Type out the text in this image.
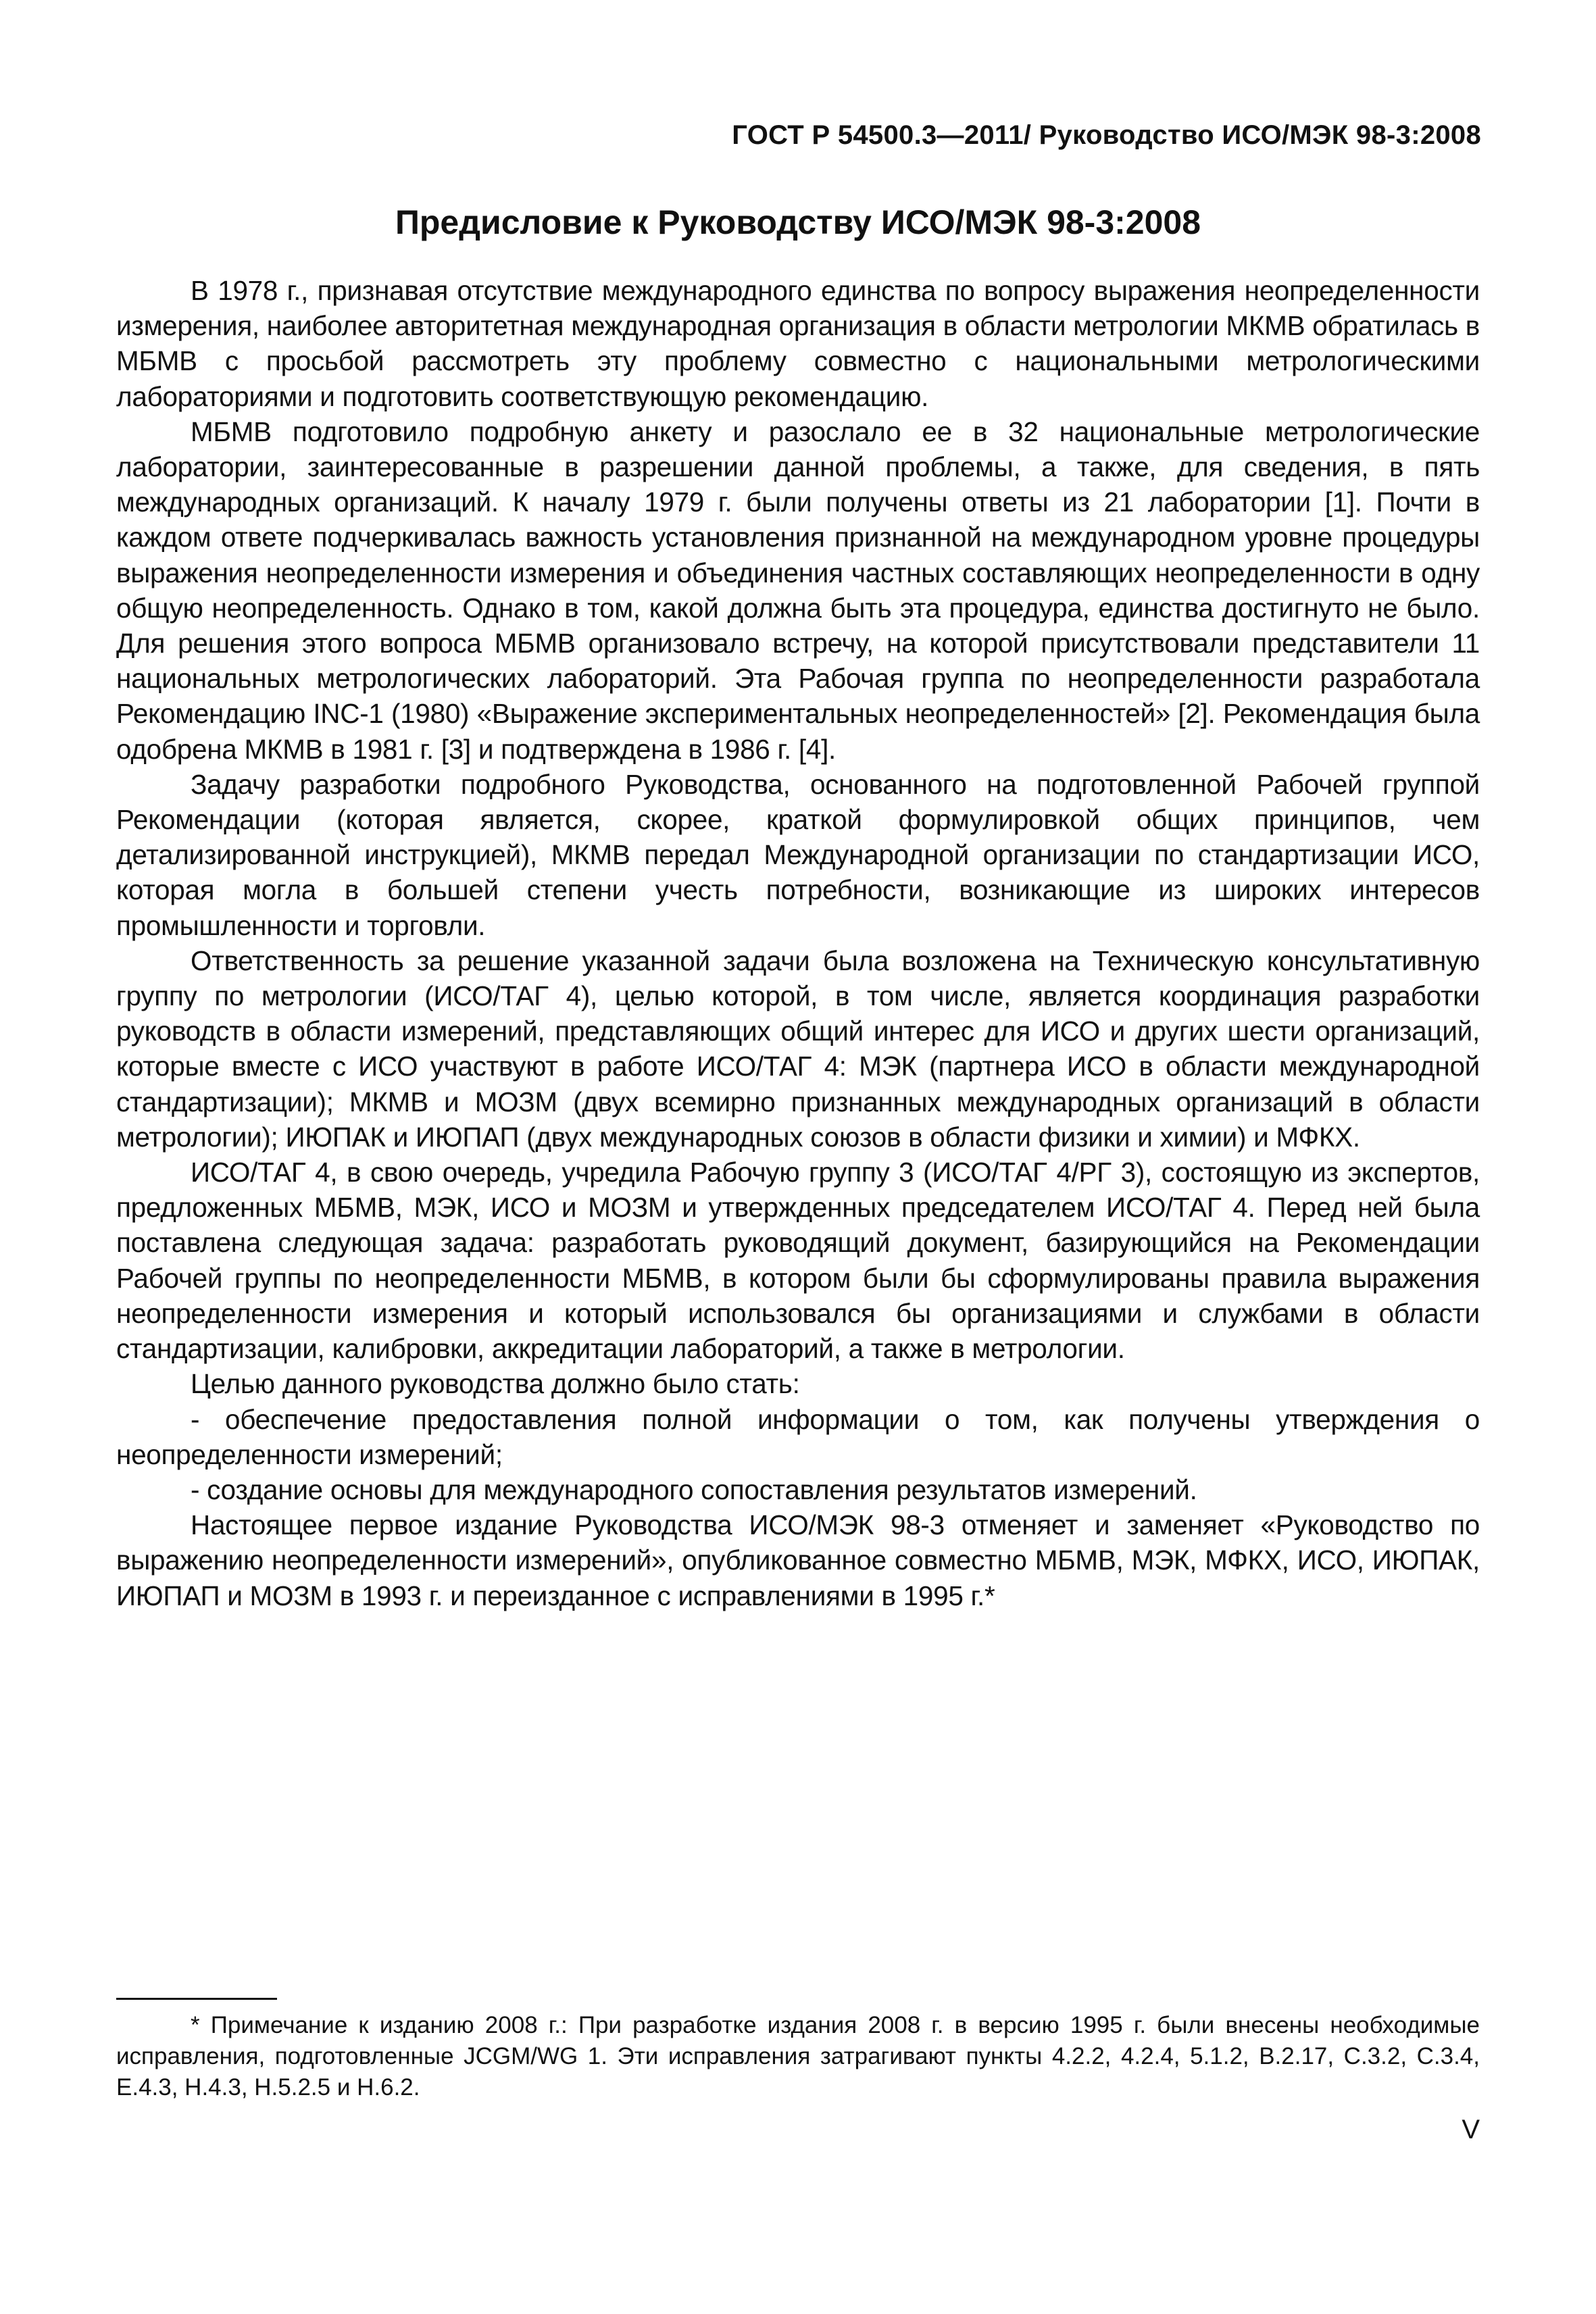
ГОСТ Р 54500.3—2011/ Руководство ИСО/МЭК 98-3:2008
Предисловие к Руководству ИСО/МЭК 98-3:2008

В 1978 г., признавая отсутствие международного единства по вопросу выражения неопределенности измерения, наиболее авторитетная международная организация в области метрологии МКМВ обратилась в МБМВ с просьбой рассмотреть эту проблему совместно с национальными метрологическими лабораториями и подготовить соответствующую рекомендацию.

МБМВ подготовило подробную анкету и разослало ее в 32 национальные метрологические лаборатории, заинтересованные в разрешении данной проблемы, а также, для сведения, в пять международных организаций. К началу 1979 г. были получены ответы из 21 лаборатории [1]. Почти в каждом ответе подчеркивалась важность установления признанной на международном уровне процедуры выражения неопределенности измерения и объединения частных составляющих неопределенности в одну общую неопределенность. Однако в том, какой должна быть эта процедура, единства достигнуто не было. Для решения этого вопроса МБМВ организовало встречу, на которой присутствовали представители 11 национальных метрологических лабораторий. Эта Рабочая группа по неопределенности разработала Рекомендацию INC-1 (1980) «Выражение экспериментальных неопределенностей» [2]. Рекомендация была одобрена МКМВ в 1981 г. [3] и подтверждена в 1986 г. [4].

Задачу разработки подробного Руководства, основанного на подготовленной Рабочей группой Рекомендации (которая является, скорее, краткой формулировкой общих принципов, чем детализированной инструкцией), МКМВ передал Международной организации по стандартизации ИСО, которая могла в большей степени учесть потребности, возникающие из широких интересов промышленности и торговли.

Ответственность за решение указанной задачи была возложена на Техническую консультативную группу по метрологии (ИСО/ТАГ 4), целью которой, в том числе, является координация разработки руководств в области измерений, представляющих общий интерес для ИСО и других шести организаций, которые вместе с ИСО участвуют в работе ИСО/ТАГ 4: МЭК (партнера ИСО в области международной стандартизации); МКМВ и МОЗМ (двух всемирно признанных международных организаций в области метрологии); ИЮПАК и ИЮПАП (двух международных союзов в области физики и химии) и МФКХ.

ИСО/ТАГ 4, в свою очередь, учредила Рабочую группу 3 (ИСО/ТАГ 4/РГ 3), состоящую из экспертов, предложенных МБМВ, МЭК, ИСО и МОЗМ и утвержденных председателем ИСО/ТАГ 4. Перед ней была поставлена следующая задача: разработать руководящий документ, базирующийся на Рекомендации Рабочей группы по неопределенности МБМВ, в котором были бы сформулированы правила выражения неопределенности измерения и который использовался бы организациями и службами в области стандартизации, калибровки, аккредитации лабораторий, а также в метрологии.

Целью данного руководства должно было стать:

- обеспечение предоставления полной информации о том, как получены утверждения о неопределенности измерений;

- создание основы для международного сопоставления результатов измерений.

Настоящее первое издание Руководства ИСО/МЭК 98-3 отменяет и заменяет «Руководство по выражению неопределенности измерений», опубликованное совместно МБМВ, МЭК, МФКХ, ИСО, ИЮПАК, ИЮПАП и МОЗМ в 1993 г. и переизданное с исправлениями в 1995 г.*

* Примечание к изданию 2008 г.: При разработке издания 2008 г. в версию 1995 г. были внесены необходимые исправления, подготовленные JCGM/WG 1. Эти исправления затрагивают пункты 4.2.2, 4.2.4, 5.1.2, B.2.17, C.3.2, C.3.4, E.4.3, H.4.3, H.5.2.5 и H.6.2.

V
